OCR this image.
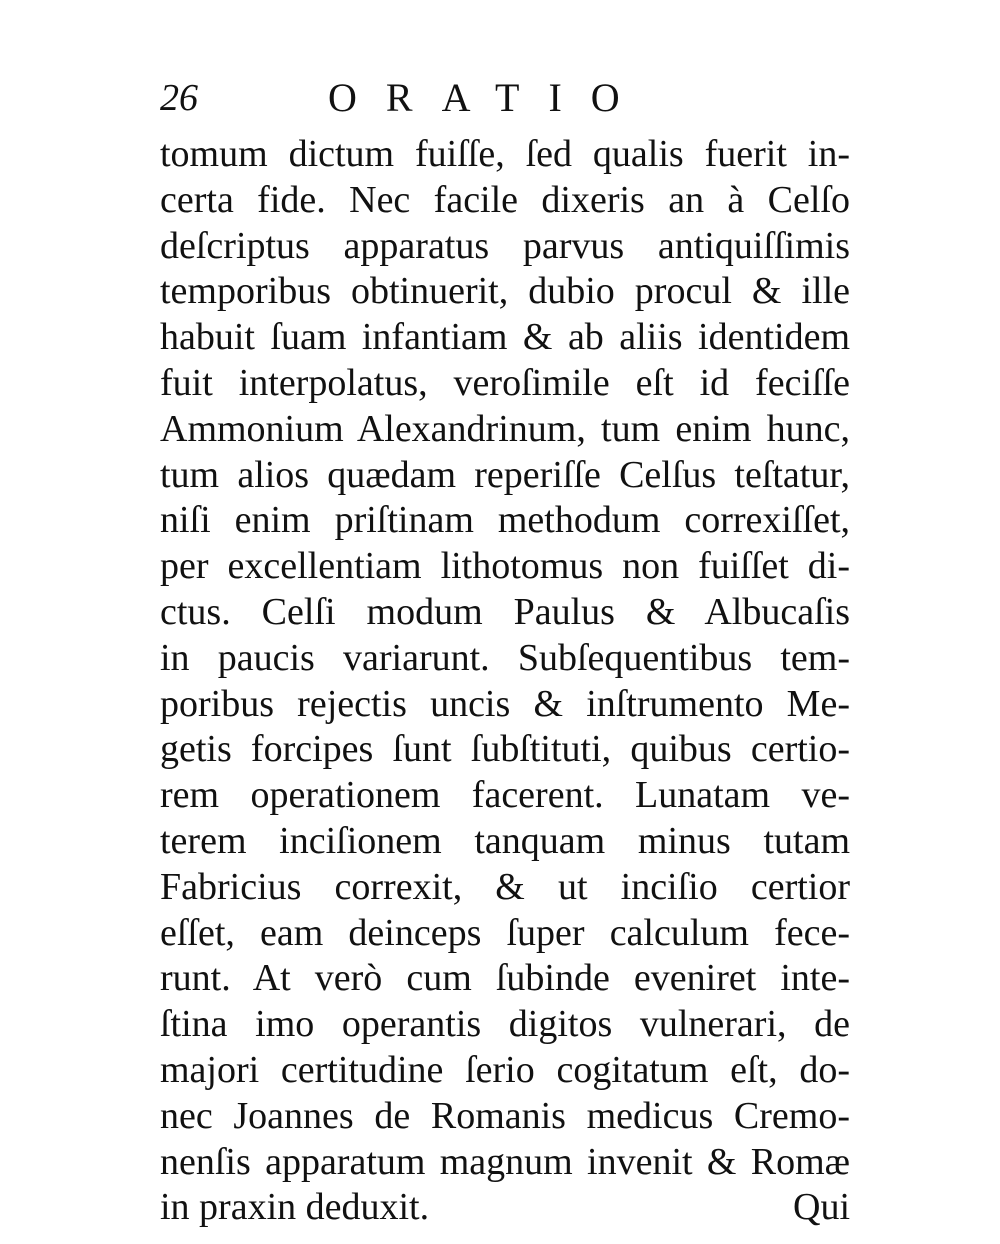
26	ORATIO
tomum dictum fuiſſe, ſed qualis fuerit in-
certa fide. Nec facile dixeris an à Celſo
deſcriptus apparatus parvus antiquiſſimis
temporibus obtinuerit, dubio procul & ille
habuit ſuam infantiam & ab aliis identidem
fuit interpolatus, veroſimile eſt id feciſſe
Ammonium Alexandrinum, tum enim hunc,
tum alios quædam reperiſſe Celſus teſtatur,
niſi enim priſtinam methodum correxiſſet,
per excellentiam lithotomus non fuiſſet di-
ctus. Celſi modum Paulus & Albucaſis
in paucis variarunt. Subſequentibus tem-
poribus rejectis uncis & inſtrumento Me-
getis forcipes ſunt ſubſtituti, quibus certio-
rem operationem facerent. Lunatam ve-
terem inciſionem tanquam minus tutam
Fabricius correxit, & ut inciſio certior
eſſet, eam deinceps ſuper calculum fece-
runt. At verò cum ſubinde eveniret inte-
ſtina imo operantis digitos vulnerari, de
majori certitudine ſerio cogitatum eſt, do-
nec Joannes de Romanis medicus Cremo-
nenſis apparatum magnum invenit & Romæ
in praxin deduxit.	Qui
